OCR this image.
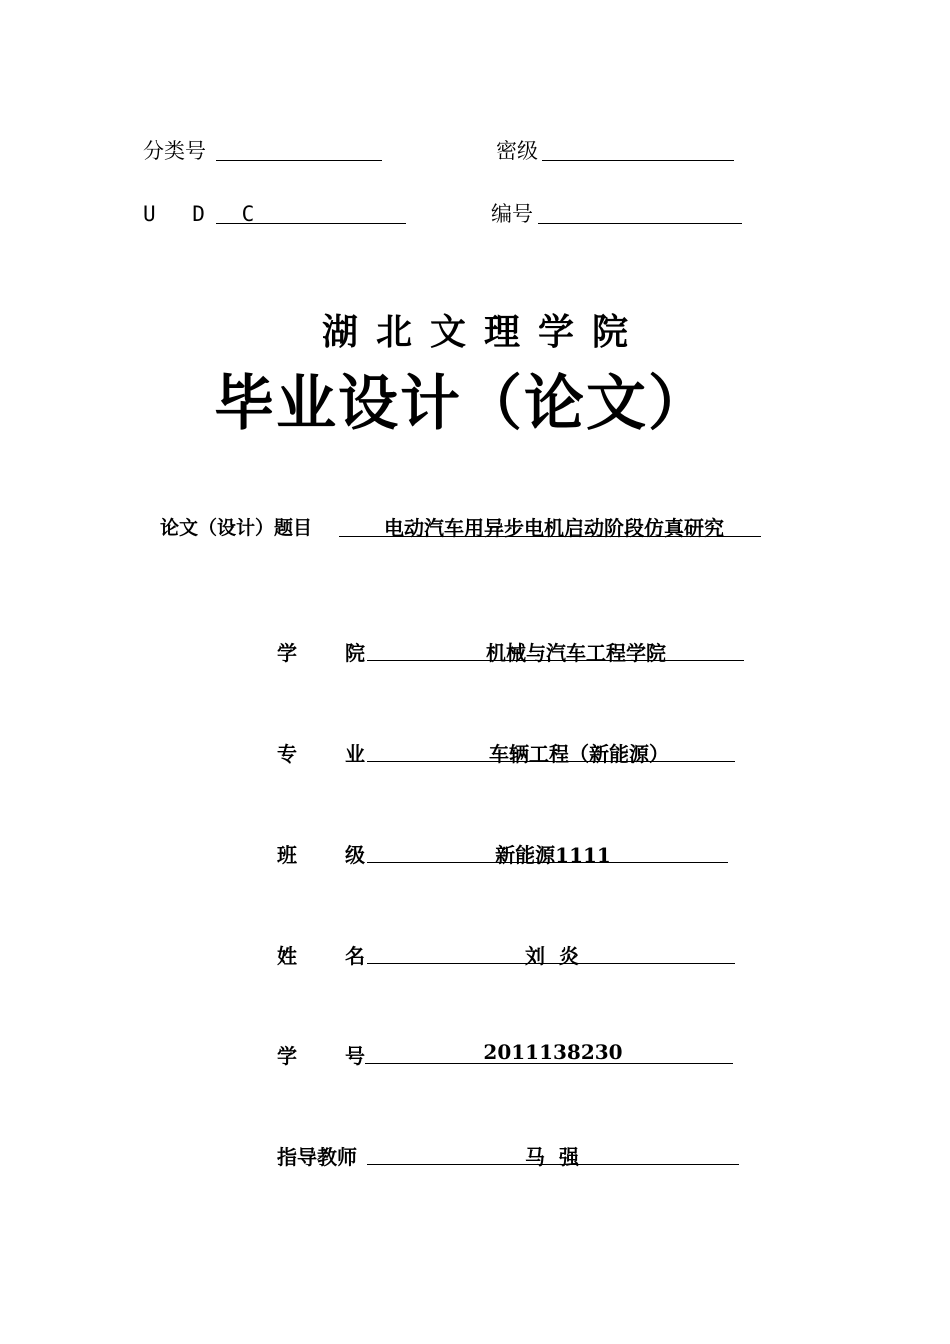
分类号	密级
U D C	编号
湖北文理学院
毕业设计（论文）
论文（设计）题目	电动汽车用异步电机启动阶段仿真研究
学 院	机械与汽车工程学院
专 业	车辆工程（新能源）
班 级	新能源1111
姓 名	刘  炎
学 号	2011138230
指导教师	马  强
